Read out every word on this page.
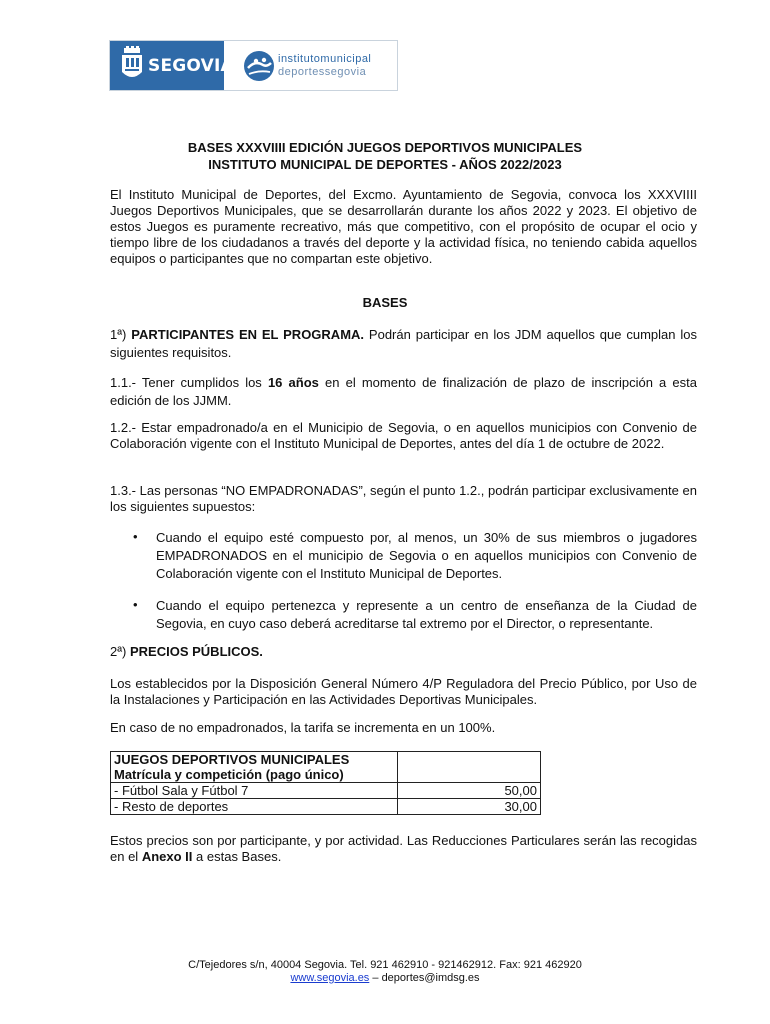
SEGOVIA	institutomunicipal
deportessegovia
BASES XXXVIIII EDICIÓN JUEGOS DEPORTIVOS MUNICIPALES
INSTITUTO MUNICIPAL DE DEPORTES - AÑOS 2022/2023
El Instituto Municipal de Deportes, del Excmo. Ayuntamiento de Segovia, convoca los XXXVIIII Juegos Deportivos Municipales, que se desarrollarán durante los años 2022 y 2023. El objetivo de estos Juegos es puramente recreativo, más que competitivo, con el propósito de ocupar el ocio y tiempo libre de los ciudadanos a través del deporte y la actividad física, no teniendo cabida aquellos equipos o participantes que no compartan este objetivo.
BASES
1ª) PARTICIPANTES EN EL PROGRAMA. Podrán participar en los JDM aquellos que cumplan los siguientes requisitos.
1.1.- Tener cumplidos los 16 años en el momento de finalización de plazo de inscripción a esta edición de los JJMM.
1.2.- Estar empadronado/a en el Municipio de Segovia, o en aquellos municipios con Convenio de Colaboración vigente con el Instituto Municipal de Deportes, antes del día 1 de octubre de 2022.
1.3.- Las personas “NO EMPADRONADAS”, según el punto 1.2., podrán participar exclusivamente en los siguientes supuestos:
• Cuando el equipo esté compuesto por, al menos, un 30% de sus miembros o jugadores EMPADRONADOS en el municipio de Segovia o en aquellos municipios con Convenio de Colaboración vigente con el Instituto Municipal de Deportes.
• Cuando el equipo pertenezca y represente a un centro de enseñanza de la Ciudad de Segovia, en cuyo caso deberá acreditarse tal extremo por el Director, o representante.
2ª) PRECIOS PÚBLICOS.
Los establecidos por la Disposición General Número 4/P Reguladora del Precio Público, por Uso de la Instalaciones y Participación en las Actividades Deportivas Municipales.
En caso de no empadronados, la tarifa se incrementa en un 100%.
JUEGOS DEPORTIVOS MUNICIPALES	
Matrícula y competición (pago único)	
- Fútbol Sala y Fútbol 7	50,00
- Resto de deportes	30,00
Estos precios son por participante, y por actividad. Las Reducciones Particulares serán las recogidas en el Anexo II a estas Bases.
C/Tejedores s/n, 40004 Segovia. Tel. 921 462910 - 921462912. Fax: 921 462920
www.segovia.es – deportes@imdsg.es
